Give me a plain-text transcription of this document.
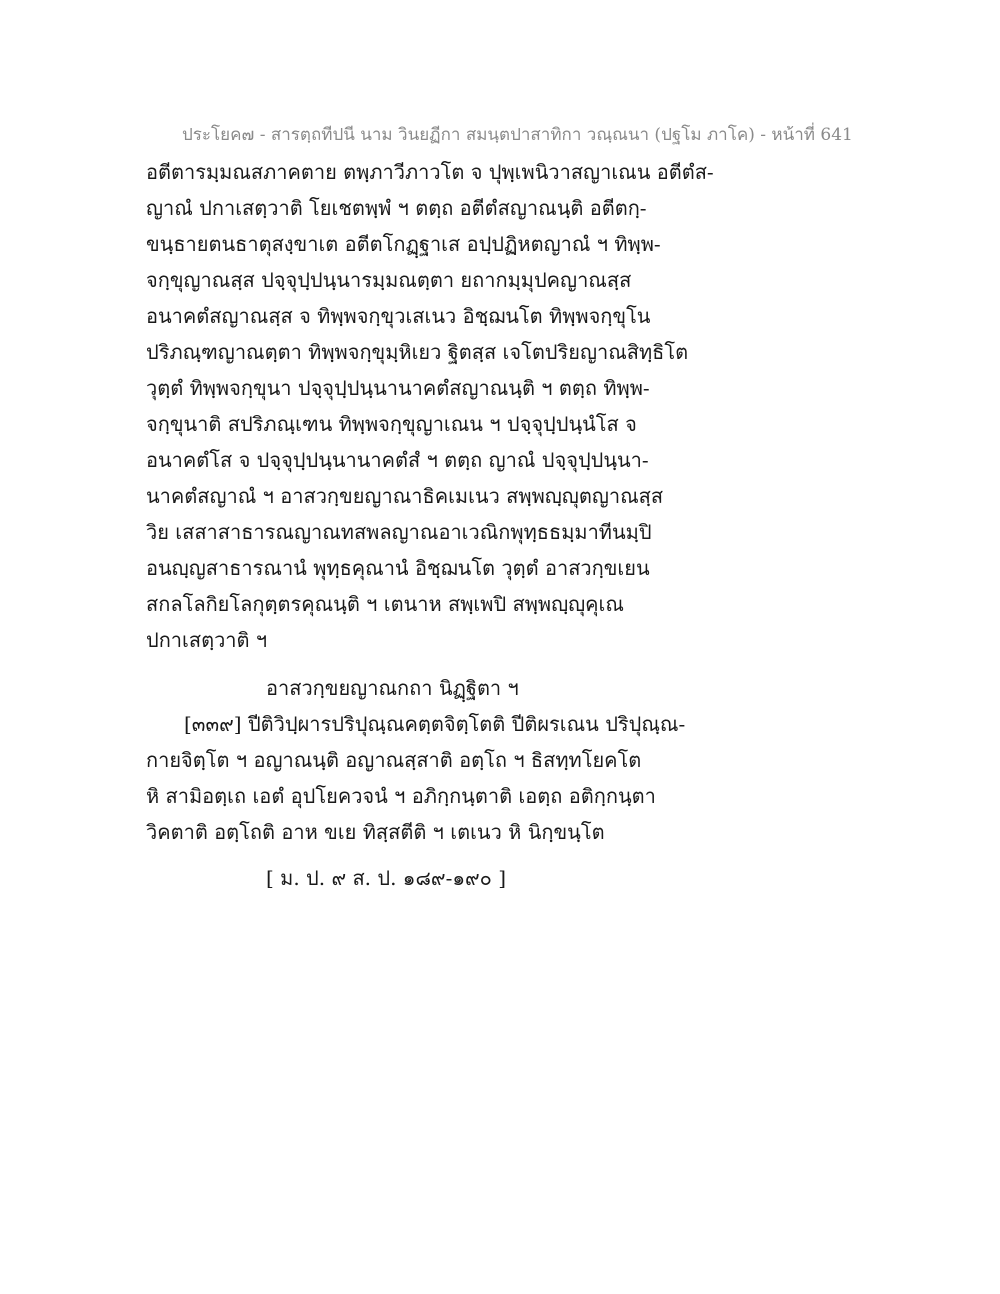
ประโยค๗ - สารตฺถทีปนี นาม วินยฏีกา สมนฺตปาสาทิกา วณฺณนา (ปฐโม ภาโค) - หน้าที่ 641
อตีตารมฺมณสภาคตาย ตพฺภาวีภาวโต จ ปุพฺเพนิวาสญาเณน อตีตํส-
ญาณํ ปกาเสตฺวาติ โยเชตพฺพํ ฯ ตตฺถ อตีตํสญาณนฺติ อตีตกฺ-
ขนฺธายตนธาตุสงฺขาเต อตีตโกฏฺฐาเส อปฺปฏิหตญาณํ ฯ ทิพฺพ-
จกฺขุญาณสฺส ปจฺจุปฺปนฺนารมฺมณตฺตา ยถากมฺมุปคญาณสฺส
อนาคตํสญาณสฺส จ ทิพฺพจกฺขุวเสเนว อิชฺฌนโต ทิพฺพจกฺขุโน
ปริภณฺฑญาณตฺตา ทิพฺพจกฺขุมฺหิเยว ฐิตสฺส เจโตปริยญาณสิทฺธิโต
วุตฺตํ ทิพฺพจกฺขุนา ปจฺจุปฺปนฺนานาคตํสญาณนฺติ ฯ ตตฺถ ทิพฺพ-
จกฺขุนาติ สปริภณฺเฑน ทิพฺพจกฺขุญาเณน ฯ ปจฺจุปฺปนฺนํโส จ
อนาคตํโส จ ปจฺจุปฺปนฺนานาคตํสํ ฯ ตตฺถ ญาณํ ปจฺจุปฺปนฺนา-
นาคตํสญาณํ ฯ อาสวกฺขยญาณาธิคเมเนว สพฺพญฺญุตญาณสฺส
วิย เสสาสาธารณญาณทสพลญาณอาเวณิกพุทฺธธมฺมาทีนมฺปิ
อนญฺญสาธารณานํ พุทฺธคุณานํ อิชฺฌนโต วุตฺตํ อาสวกฺขเยน
สกลโลกิยโลกุตฺตรคุณนฺติ ฯ เตนาห สพฺเพปิ สพฺพญฺญุคุเณ
ปกาเสตฺวาติ ฯ
อาสวกฺขยญาณกถา นิฏฺฐิตา ฯ
[๓๓๙] ปีติวิปฺผารปริปุณฺณคตฺตจิตฺโตติ ปีติผรเณน ปริปุณฺณ-
กายจิตฺโต ฯ อญาณนฺติ อญาณสฺสาติ อตฺโถ ฯ ธิสทฺทโยคโต
หิ สามิอตฺเถ เอตํ อุปโยควจนํ ฯ อภิกฺกนฺตาติ เอตฺถ อติกฺกนฺตา
วิคตาติ อตฺโถติ อาห ขเย ทิสฺสตีติ ฯ เตเนว หิ นิกฺขนฺโต
[ ม. ป. ๙ ส. ป. ๑๘๙-๑๙๐ ]
